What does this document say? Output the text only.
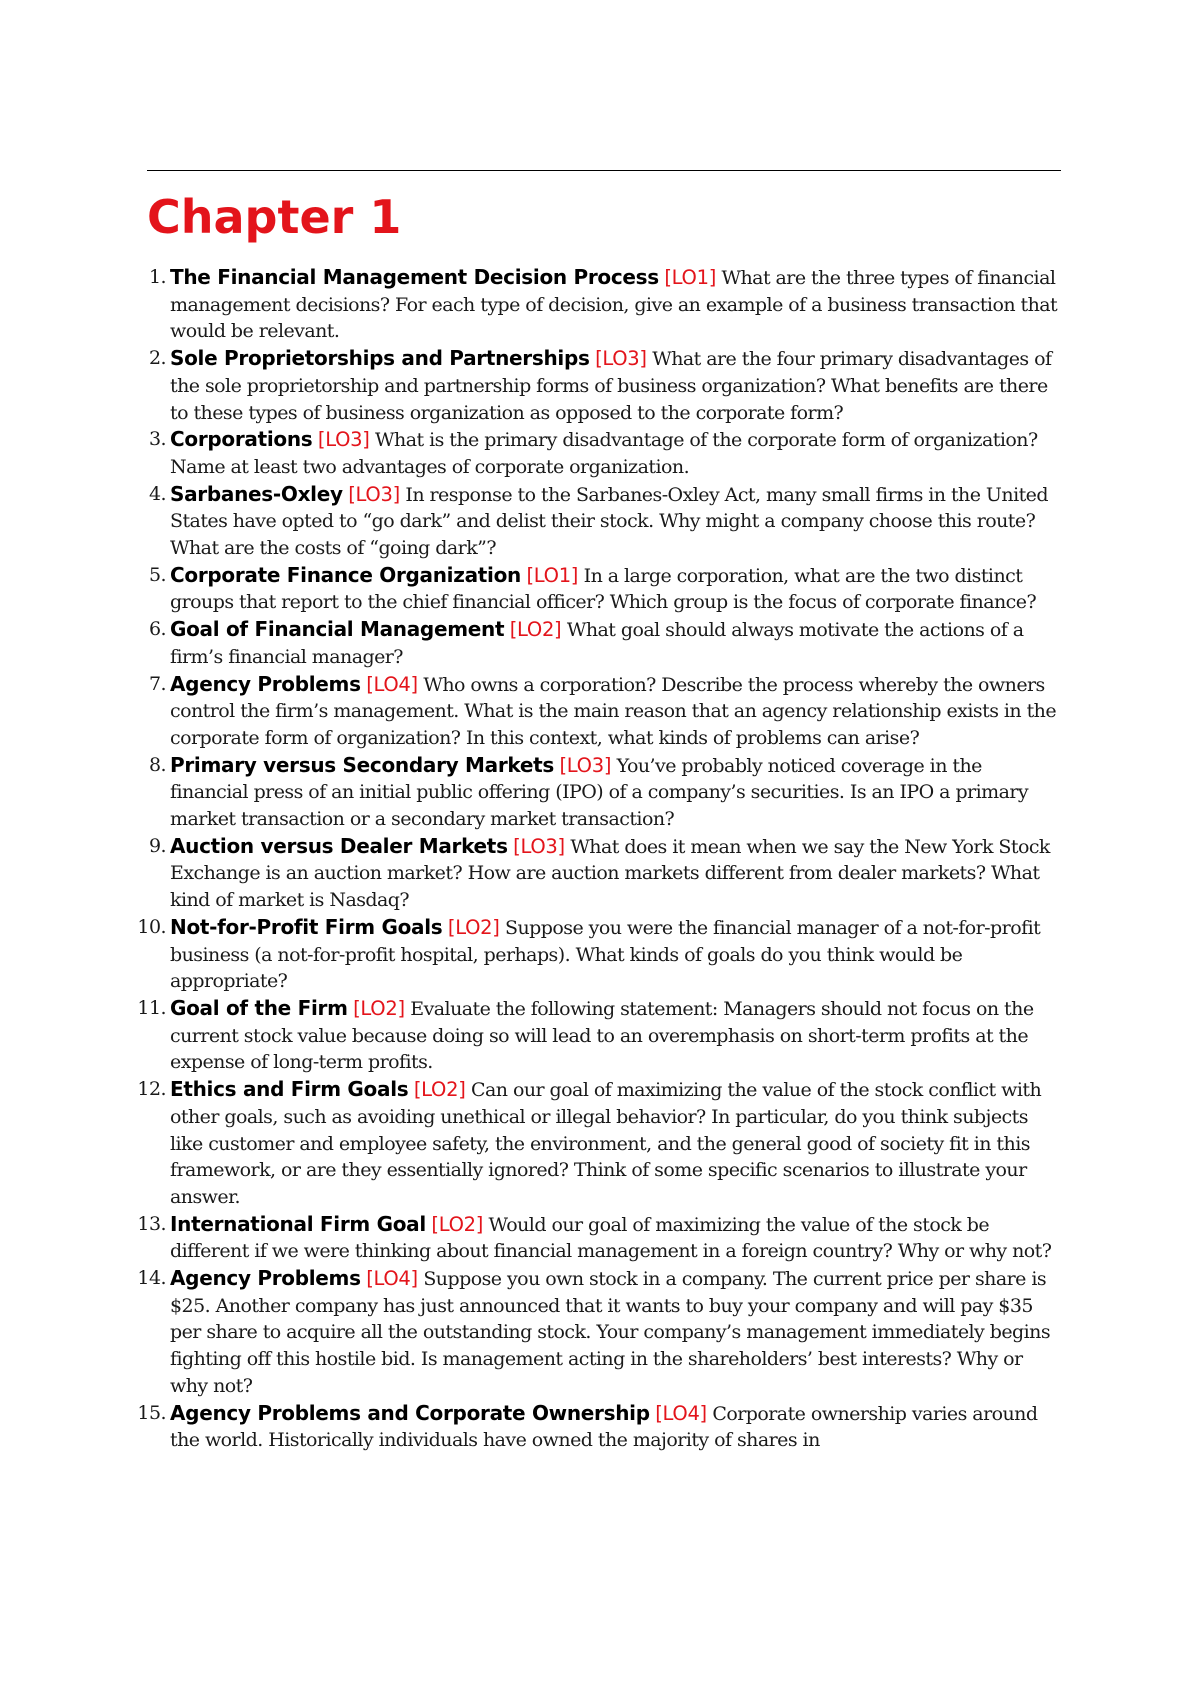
Chapter 1
1. The Financial Management Decision Process [LO1] What are the three types of financial management decisions? For each type of decision, give an example of a business transaction that would be relevant.
2. Sole Proprietorships and Partnerships [LO3] What are the four primary disadvantages of the sole proprietorship and partnership forms of business organization? What benefits are there to these types of business organization as opposed to the corporate form?
3. Corporations [LO3] What is the primary disadvantage of the corporate form of organization? Name at least two advantages of corporate organization.
4. Sarbanes-Oxley [LO3] In response to the Sarbanes-Oxley Act, many small firms in the United States have opted to “go dark” and delist their stock. Why might a company choose this route? What are the costs of “going dark”?
5. Corporate Finance Organization [LO1] In a large corporation, what are the two distinct groups that report to the chief financial officer? Which group is the focus of corporate finance?
6. Goal of Financial Management [LO2] What goal should always motivate the actions of a firm’s financial manager?
7. Agency Problems [LO4] Who owns a corporation? Describe the process whereby the owners control the firm’s management. What is the main reason that an agency relationship exists in the corporate form of organization? In this context, what kinds of problems can arise?
8. Primary versus Secondary Markets [LO3] You’ve probably noticed coverage in the financial press of an initial public offering (IPO) of a company’s securities. Is an IPO a primary market transaction or a secondary market transaction?
9. Auction versus Dealer Markets [LO3] What does it mean when we say the New York Stock Exchange is an auction market? How are auction markets different from dealer markets? What kind of market is Nasdaq?
10. Not-for-Profit Firm Goals [LO2] Suppose you were the financial manager of a not-for-profit business (a not-for-profit hospital, perhaps). What kinds of goals do you think would be appropriate?
11. Goal of the Firm [LO2] Evaluate the following statement: Managers should not focus on the current stock value because doing so will lead to an overemphasis on short-term profits at the expense of long-term profits.
12. Ethics and Firm Goals [LO2] Can our goal of maximizing the value of the stock conflict with other goals, such as avoiding unethical or illegal behavior? In particular, do you think subjects like customer and employee safety, the environment, and the general good of society fit in this framework, or are they essentially ignored? Think of some specific scenarios to illustrate your answer.
13. International Firm Goal [LO2] Would our goal of maximizing the value of the stock be different if we were thinking about financial management in a foreign country? Why or why not?
14. Agency Problems [LO4] Suppose you own stock in a company. The current price per share is $25. Another company has just announced that it wants to buy your company and will pay $35 per share to acquire all the outstanding stock. Your company’s management immediately begins fighting off this hostile bid. Is management acting in the shareholders’ best interests? Why or why not?
15. Agency Problems and Corporate Ownership [LO4] Corporate ownership varies around the world. Historically individuals have owned the majority of shares in
